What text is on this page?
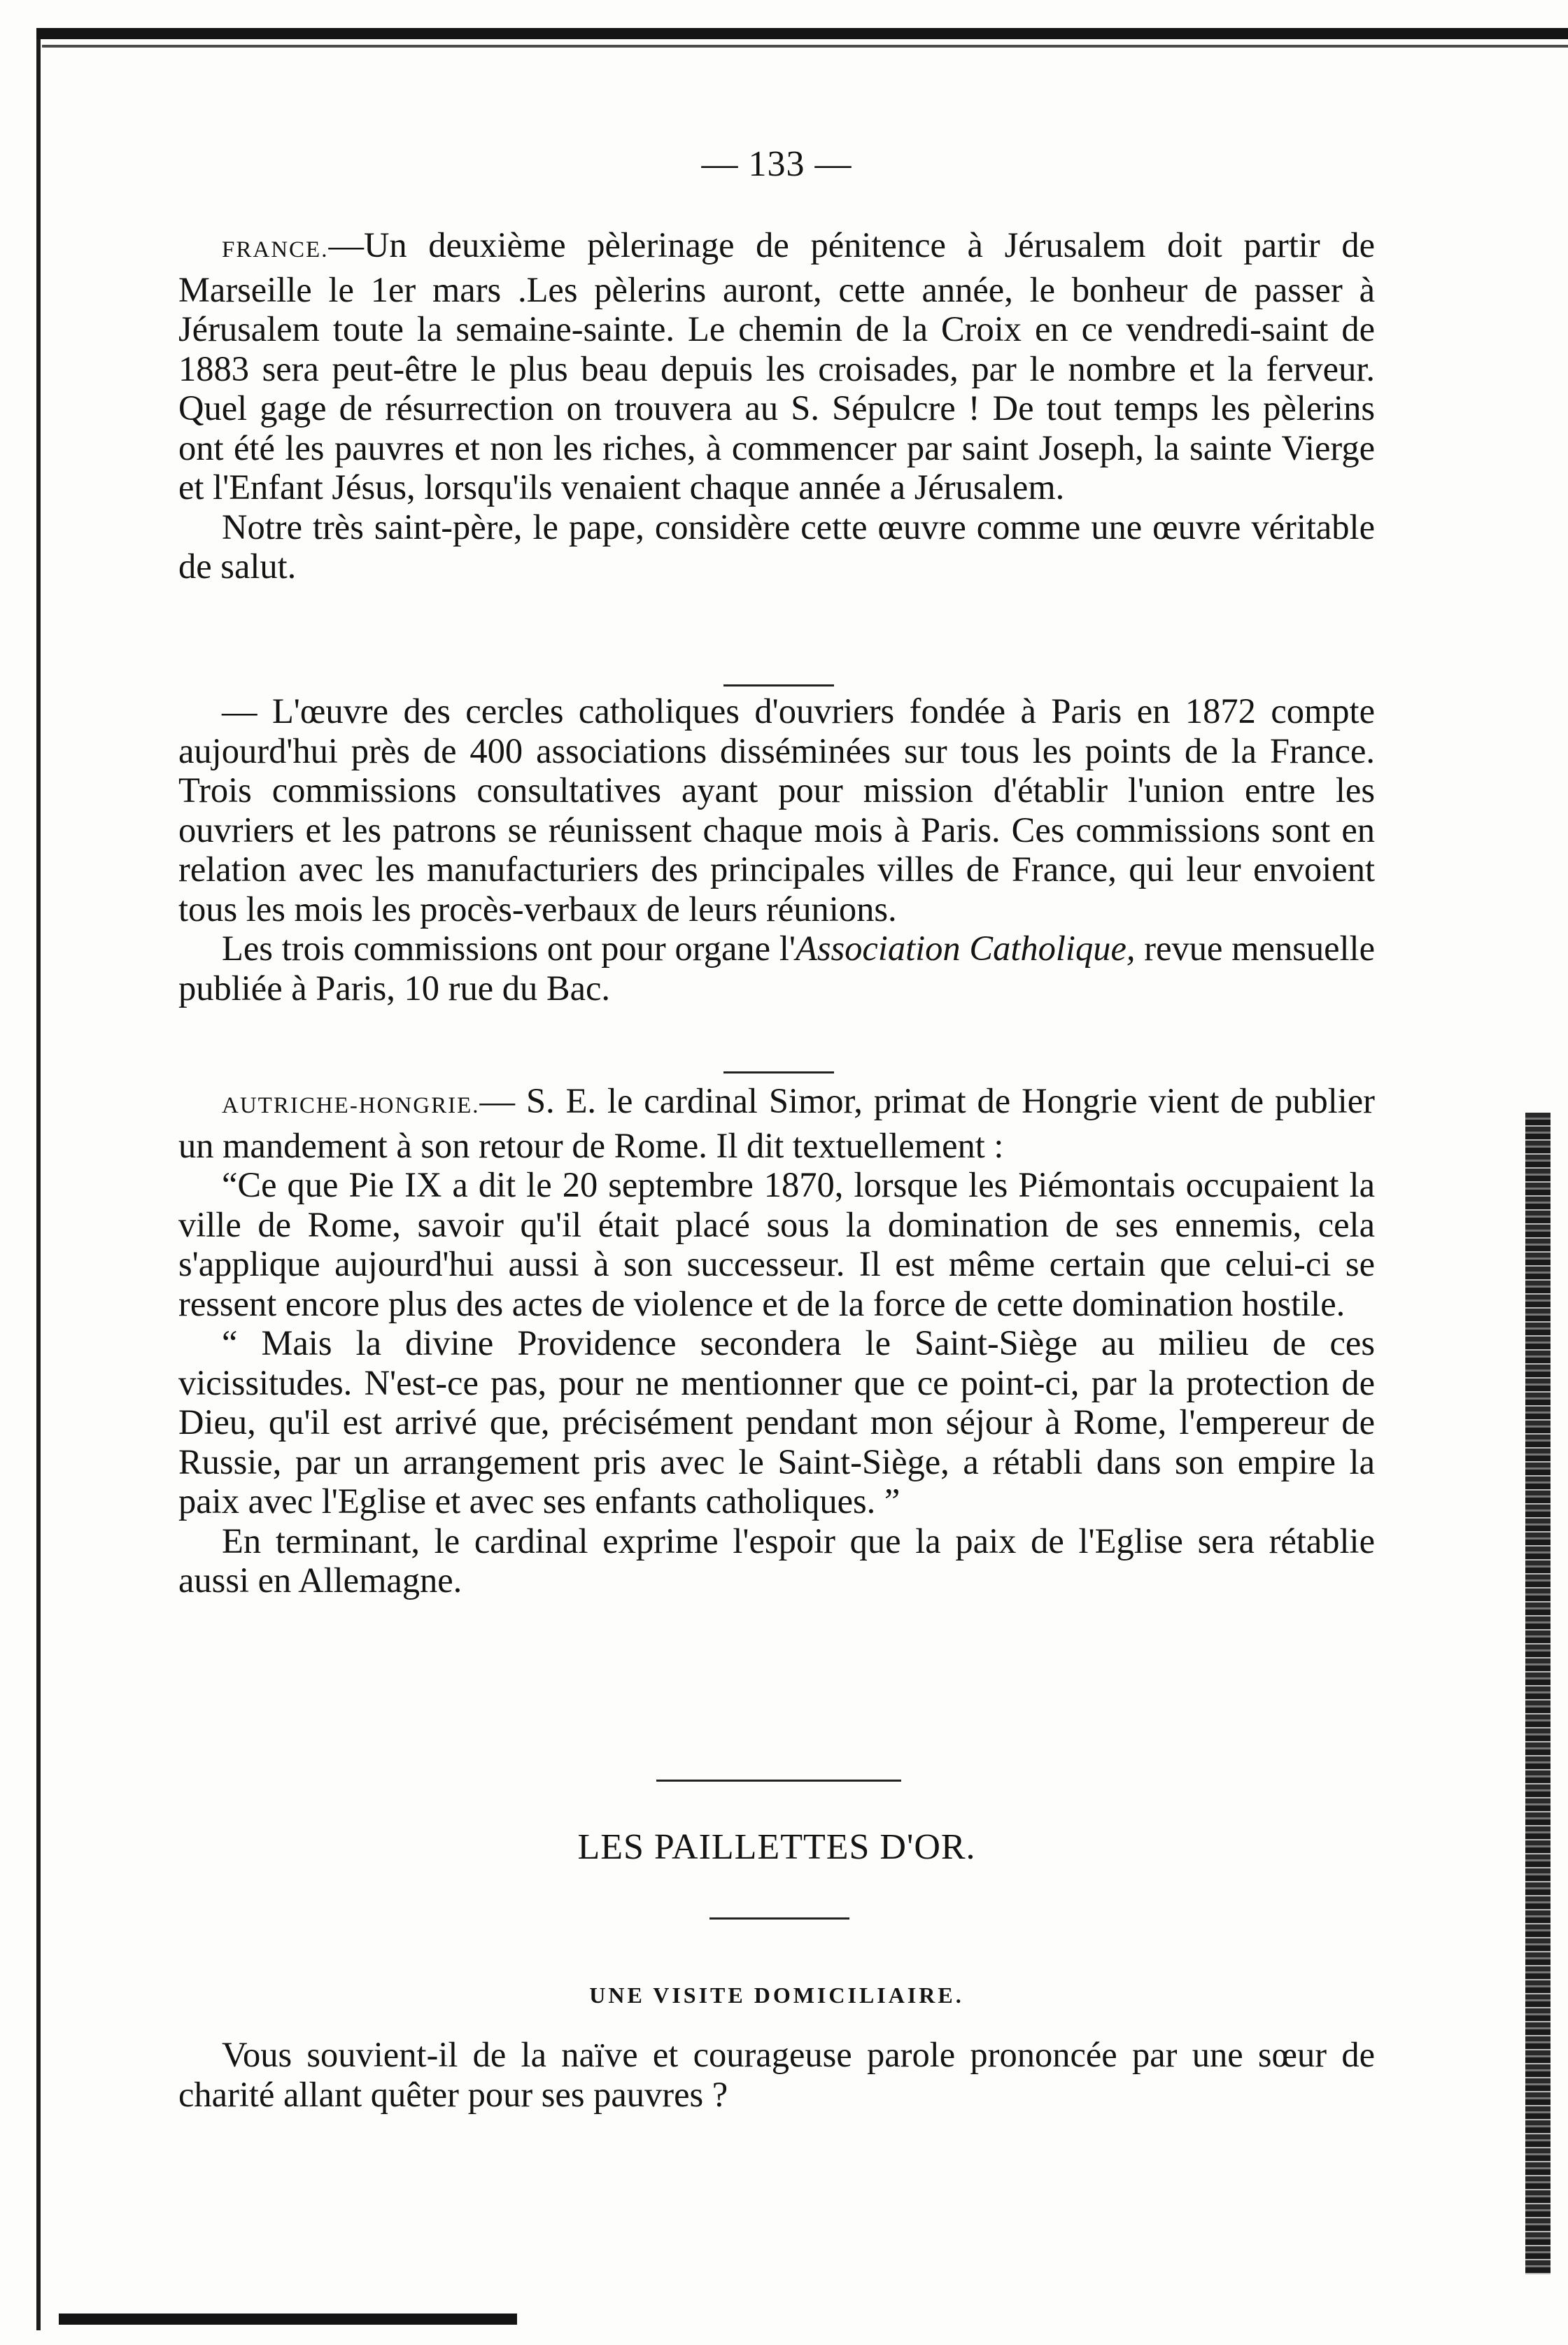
— 133 —

FRANCE.—Un deuxième pèlerinage de pénitence à Jérusalem doit partir de Marseille le 1er mars .Les pèlerins auront, cette année, le bonheur de passer à Jérusalem toute la semaine-sainte. Le chemin de la Croix en ce vendredi-saint de 1883 sera peut-être le plus beau depuis les croisades, par le nombre et la ferveur. Quel gage de résurrection on trouvera au S. Sépulcre ! De tout temps les pèlerins ont été les pauvres et non les riches, à commencer par saint Joseph, la sainte Vierge et l'Enfant Jésus, lorsqu'ils venaient chaque année a Jérusalem.

Notre très saint-père, le pape, considère cette œuvre comme une œuvre véritable de salut.

— L'œuvre des cercles catholiques d'ouvriers fondée à Paris en 1872 compte aujourd'hui près de 400 associations disséminées sur tous les points de la France. Trois commissions consultatives ayant pour mission d'établir l'union entre les ouvriers et les patrons se réunissent chaque mois à Paris. Ces commissions sont en relation avec les manufacturiers des principales villes de France, qui leur envoient tous les mois les procès-verbaux de leurs réunions.

Les trois commissions ont pour organe l'Association Catholique, revue mensuelle publiée à Paris, 10 rue du Bac.

AUTRICHE-HONGRIE.— S. E. le cardinal Simor, primat de Hongrie vient de publier un mandement à son retour de Rome. Il dit textuellement :

“Ce que Pie IX a dit le 20 septembre 1870, lorsque les Piémontais occupaient la ville de Rome, savoir qu'il était placé sous la domination de ses ennemis, cela s'applique aujourd'hui aussi à son successeur. Il est même certain que celui-ci se ressent encore plus des actes de violence et de la force de cette domination hostile.

“ Mais la divine Providence secondera le Saint-Siège au milieu de ces vicissitudes. N'est-ce pas, pour ne mentionner que ce point-ci, par la protection de Dieu, qu'il est arrivé que, précisément pendant mon séjour à Rome, l'empereur de Russie, par un arrangement pris avec le Saint-Siège, a rétabli dans son empire la paix avec l'Eglise et avec ses enfants catholiques. ”

En terminant, le cardinal exprime l'espoir que la paix de l'Eglise sera rétablie aussi en Allemagne.

LES PAILLETTES D'OR.
UNE VISITE DOMICILIAIRE.

Vous souvient-il de la naïve et courageuse parole prononcée par une sœur de charité allant quêter pour ses pauvres ?
